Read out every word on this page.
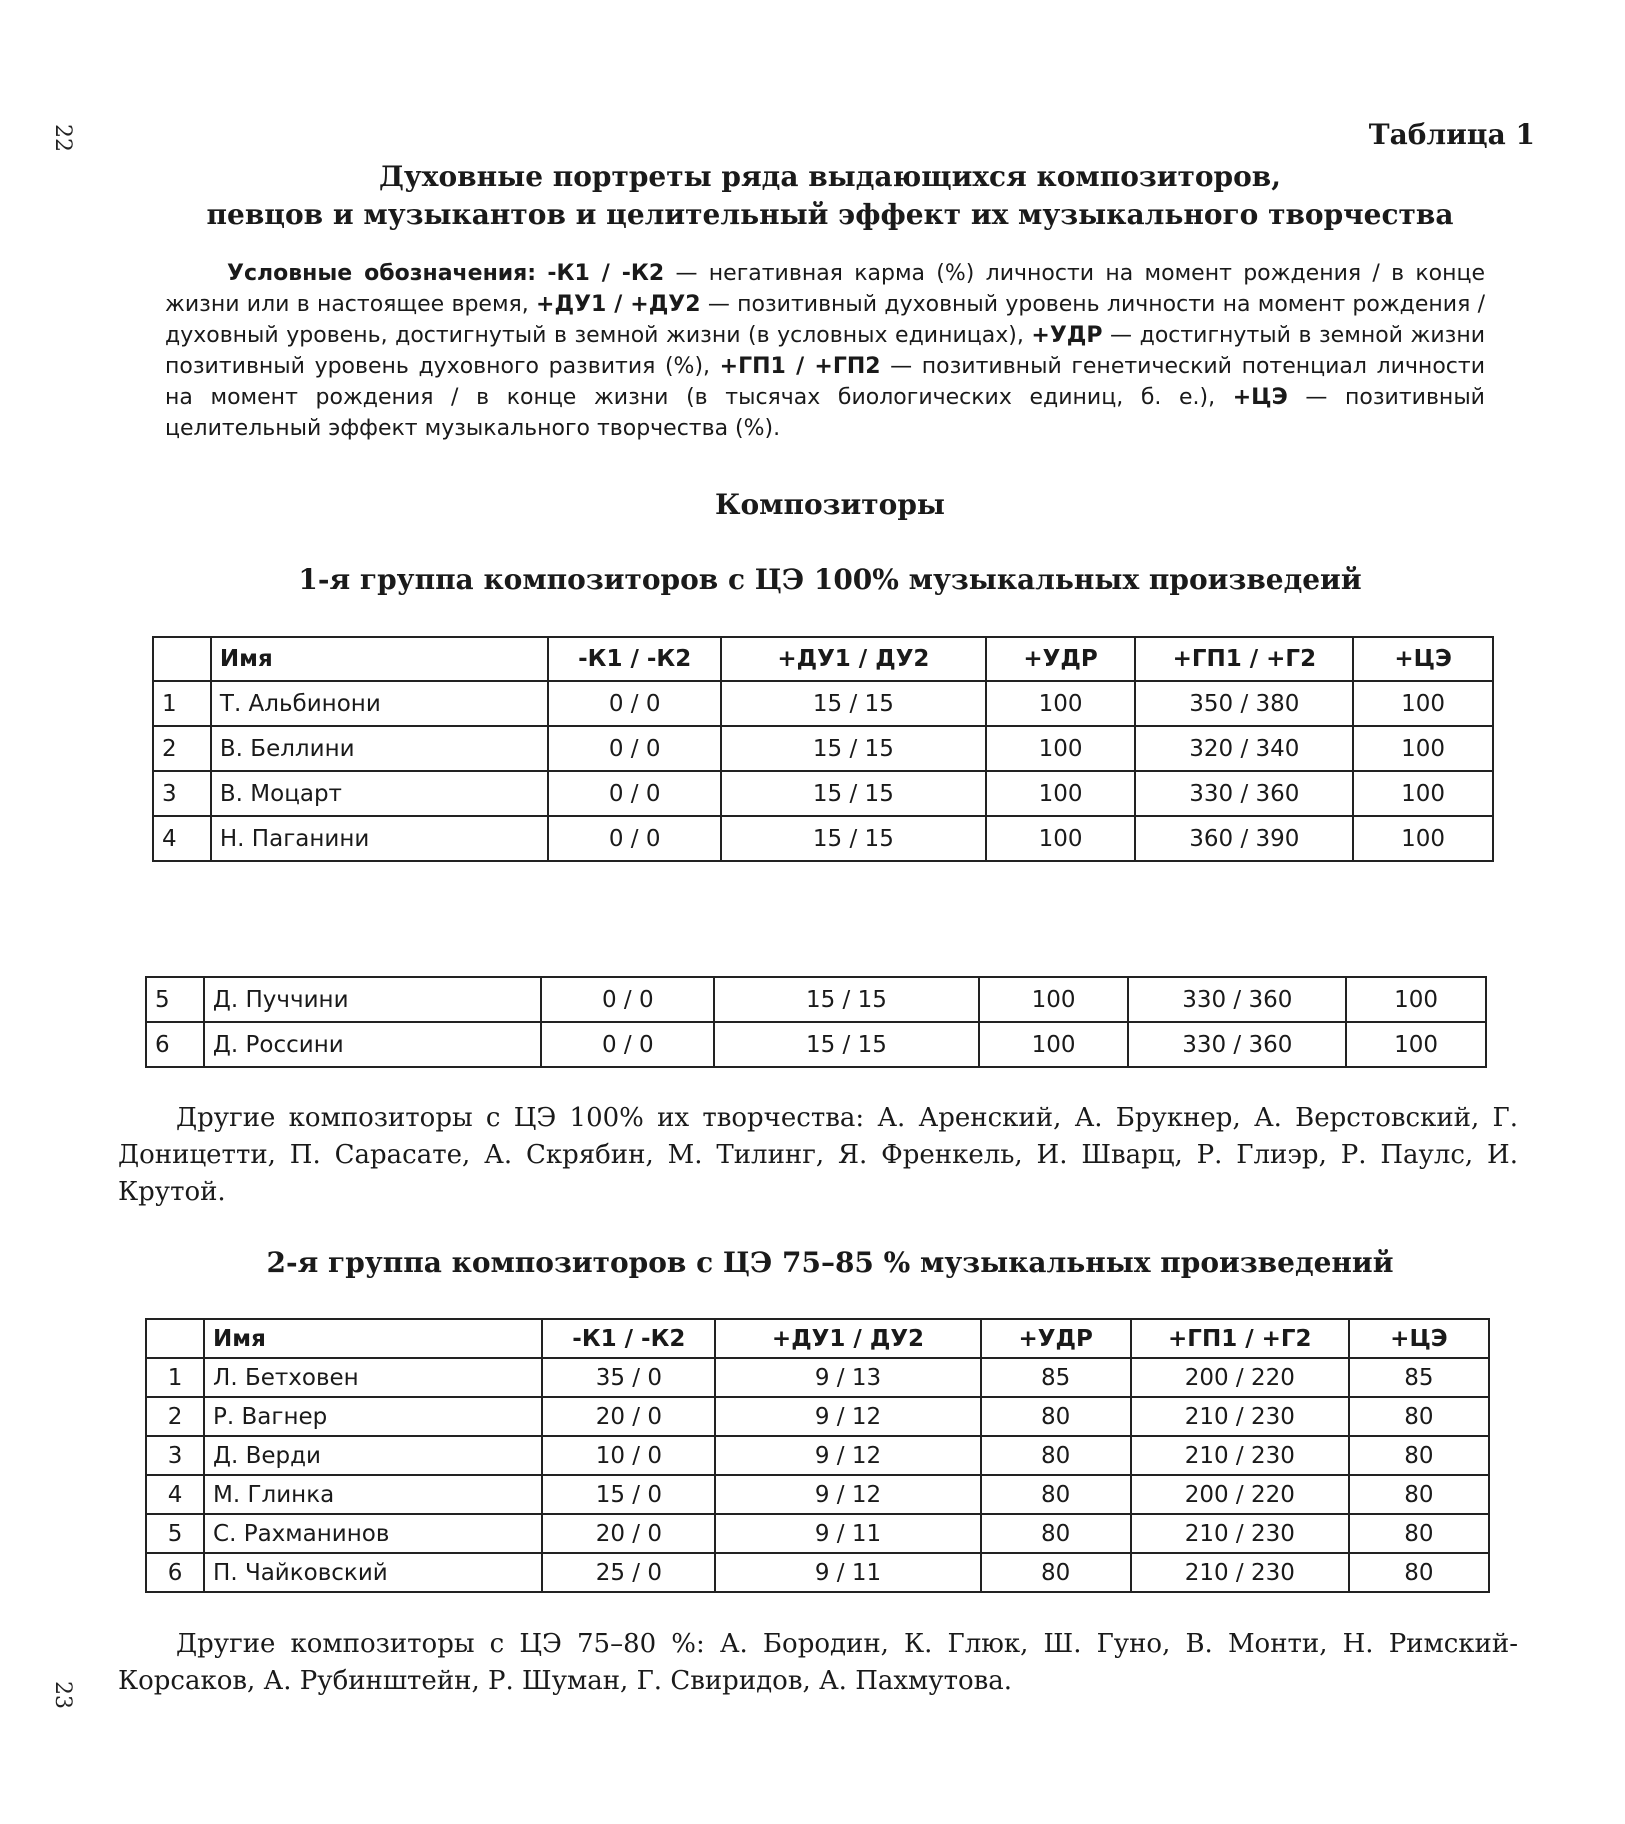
22
23
Таблица 1
Духовные портреты ряда выдающихся композиторов,
певцов и музыкантов и целительный эффект их музыкального творчества
Условные обозначения: -К1 / -К2 — негативная карма (%) личности на момент рождения / в конце жизни или в настоящее время, +ДУ1 / +ДУ2 — позитивный духовный уровень личности на момент рождения / духовный уровень, достигнутый в земной жизни (в условных единицах), +УДР — достигнутый в земной жизни позитивный уровень духовного развития (%), +ГП1 / +ГП2 — позитивный генетический потенциал личности на момент рождения / в конце жизни (в тысячах биологических единиц, б. е.), +ЦЭ — позитивный целительный эффект музыкального творчества (%).
Композиторы
1-я группа композиторов с ЦЭ 100% музыкальных произведеий
	Имя	-К1 / -К2	+ДУ1 / ДУ2	+УДР	+ГП1 / +Г2	+ЦЭ
1	Т. Альбинони	0 / 0	15 / 15	100	350 / 380	100
2	В. Беллини	0 / 0	15 / 15	100	320 / 340	100
3	В. Моцарт	0 / 0	15 / 15	100	330 / 360	100
4	Н. Паганини	0 / 0	15 / 15	100	360 / 390	100
5	Д. Пуччини	0 / 0	15 / 15	100	330 / 360	100
6	Д. Россини	0 / 0	15 / 15	100	330 / 360	100
Другие композиторы с ЦЭ 100% их творчества: А. Аренский, А. Брукнер, А. Верстовский, Г. Доницетти, П. Сарасате, А. Скрябин, М. Тилинг, Я. Френкель, И. Шварц, Р. Глиэр, Р. Паулс, И. Крутой.
2-я группа композиторов с ЦЭ 75–85 % музыкальных произведений
	Имя	-К1 / -К2	+ДУ1 / ДУ2	+УДР	+ГП1 / +Г2	+ЦЭ
1	Л. Бетховен	35 / 0	9 / 13	85	200 / 220	85
2	Р. Вагнер	20 / 0	9 / 12	80	210 / 230	80
3	Д. Верди	10 / 0	9 / 12	80	210 / 230	80
4	М. Глинка	15 / 0	9 / 12	80	200 / 220	80
5	С. Рахманинов	20 / 0	9 / 11	80	210 / 230	80
6	П. Чайковский	25 / 0	9 / 11	80	210 / 230	80
Другие композиторы с ЦЭ 75–80 %: А. Бородин, К. Глюк, Ш. Гуно, В. Монти, Н. Римский-Корсаков, А. Рубинштейн, Р. Шуман, Г. Свиридов, А. Пахмутова.
